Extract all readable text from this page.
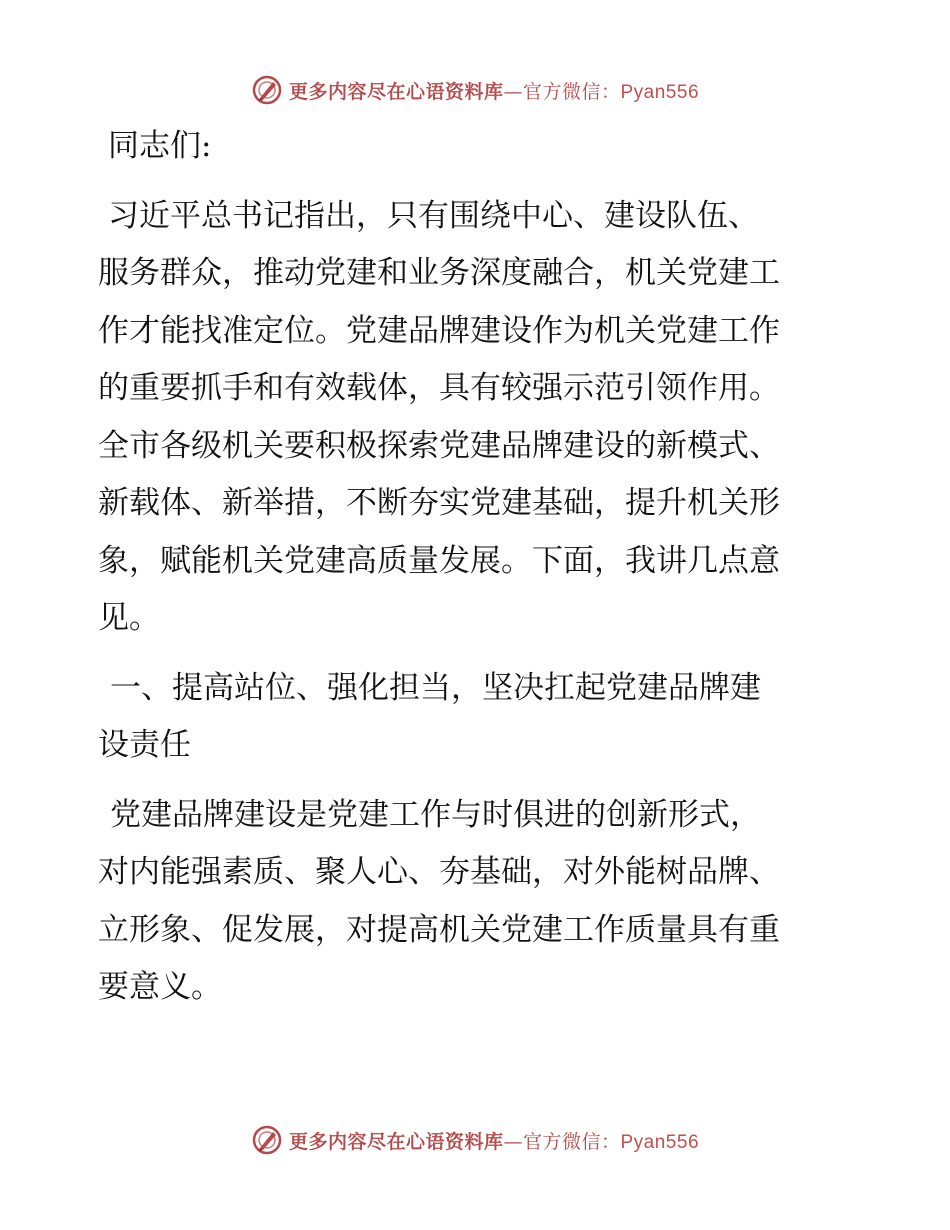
更多内容尽在心语资料库—官方微信：Pyan556

同志们:

习近平总书记指出，只有围绕中心、建设队伍、
服务群众，推动党建和业务深度融合，机关党建工
作才能找准定位。党建品牌建设作为机关党建工作
的重要抓手和有效载体，具有较强示范引领作用。
全市各级机关要积极探索党建品牌建设的新模式、
新载体、新举措，不断夯实党建基础，提升机关形
象，赋能机关党建高质量发展。下面，我讲几点意
见。

一、提高站位、强化担当，坚决扛起党建品牌建
设责任

党建品牌建设是党建工作与时俱进的创新形式，
对内能强素质、聚人心、夯基础，对外能树品牌、
立形象、促发展，对提高机关党建工作质量具有重
要意义。

更多内容尽在心语资料库—官方微信：Pyan556
